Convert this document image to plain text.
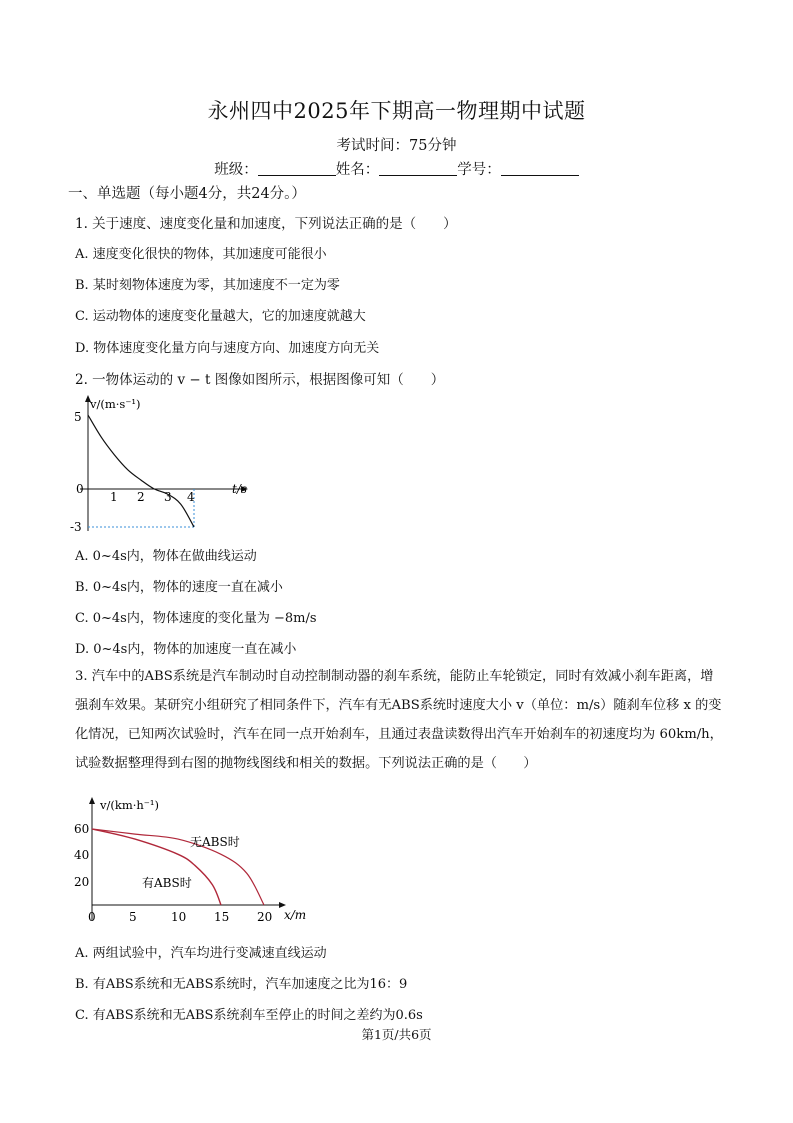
永州四中2025年下期高一物理期中试题
考试时间：75分钟
班级：	姓名：	学号：
一、单选题（每小题4分，共24分。）
1. 关于速度、速度变化量和加速度，下列说法正确的是（　　）
A. 速度变化很快的物体，其加速度可能很小
B. 某时刻物体速度为零，其加速度不一定为零
C. 运动物体的速度变化量越大，它的加速度就越大
D. 物体速度变化量方向与速度方向、加速度方向无关
2. 一物体运动的 v − t 图像如图所示，根据图像可知（　　）
v/(m·s⁻¹)
t/s
5
0
-3
1 2 3 4
A. 0~4s内，物体在做曲线运动
B. 0~4s内，物体的速度一直在减小
C. 0~4s内，物体速度的变化量为 −8m/s
D. 0~4s内，物体的加速度一直在减小
3. 汽车中的ABS系统是汽车制动时自动控制制动器的刹车系统，能防止车轮锁定，同时有效减小刹车距离，增强刹车效果。某研究小组研究了相同条件下，汽车有无ABS系统时速度大小 v（单位：m/s）随刹车位移 x 的变化情况，已知两次试验时，汽车在同一点开始刹车，且通过表盘读数得出汽车开始刹车的初速度均为 60km/h，试验数据整理得到右图的抛物线图线和相关的数据。下列说法正确的是（　　）
v/(km·h⁻¹)
x/m
20
40
60
0	5	10 15 20
无ABS时
有ABS时
A. 两组试验中，汽车均进行变减速直线运动
B. 有ABS系统和无ABS系统时，汽车加速度之比为16：9
C. 有ABS系统和无ABS系统刹车至停止的时间之差约为0.6s
第1页/共6页
